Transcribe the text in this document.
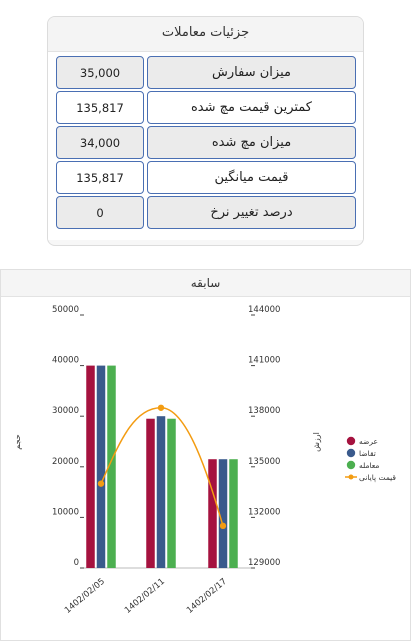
جزئیات معاملات
میزان سفارش
35,000
کمترین قیمت مچ شده
135,817
میزان مچ شده
34,000
قیمت میانگین
135,817
درصد تغییر نرخ
0
سابقه
0
10000
20000
30000
40000
50000
129000
132000
135000
138000
141000
144000
حجم	ارزش
1402/02/05 1402/02/11 1402/02/17
عرضه
تقاضا
معامله
قیمت پایانی
